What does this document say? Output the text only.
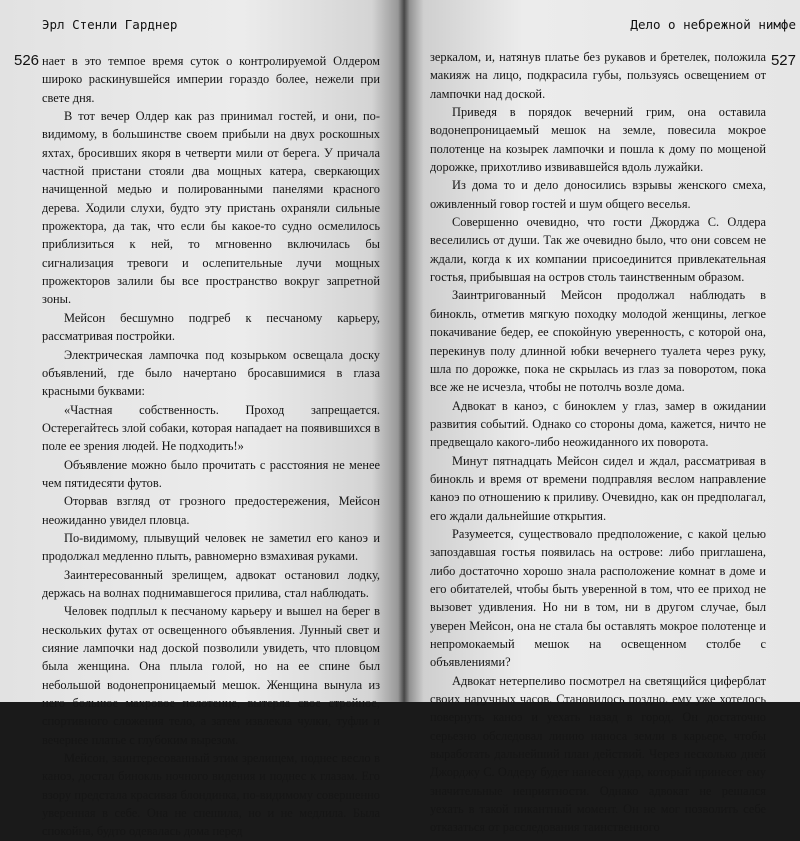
Эрл Стенли Гарднер
526 нает в это темпое время суток о контролируемой Олдером широко раскинувшейся империи гораздо более, нежели при свете дня.

В тот вечер Олдер как раз принимал гостей, и они, по-видимому, в большинстве своем прибыли на двух роскошных яхтах, бросивших якоря в четверти мили от берега. У причала частной пристани стояли два мощных катера, сверкающих начищенной медью и полированными панелями красного дерева. Ходили слухи, будто эту пристань охраняли сильные прожектора, да так, что если бы какое-то судно осмелилось приблизиться к ней, то мгновенно включилась бы сигнализация тревоги и ослепительные лучи мощных прожекторов залили бы все пространство вокруг запретной зоны.

Мейсон бесшумно подгреб к песчаному карьеру, рассматривая постройки.

Электрическая лампочка под козырьком освещала доску объявлений, где было начертано бросавшимися в глаза красными буквами:

«Частная собственность. Проход запрещается. Остерегайтесь злой собаки, которая нападает на появившихся в поле ее зрения людей. Не подходить!»

Объявление можно было прочитать с расстояния не менее чем пятидесяти футов.

Отоpвав взгляд от грозного предостережения, Мейсон неожиданно увидел пловца.

По-видимому, плывущий человек не заметил его каноэ и продолжал медленно плыть, равномерно взмахивая руками.

Заинтересованный зрелищем, адвокат остановил лодку, держась на волнах поднимавшегося прилива, стал наблюдать.

Человек подплыл к песчаному карьеру и вышел на берег в нескольких футах от освещенного объявления. Лунный свет и сияние лампочки над доской позволили увидеть, что пловцом была женщина. Она плыла голой, но на ее спине был небольшой водонепроницаемый мешок. Женщина вынула из него большое махровое полотенце, вытерла свое стройное, спортивного сложения тело, а затем извлекла чулки, туфли и вечернее платье с глубоким вырезом.

Мейсон, заинтересованный этим зрелищем, поднес весло в каноэ, достал бинокль ночного видения и поднес к глазам. Его взору предстала красивая блондинка, по-видимому совершенно уверенная в себе. Она не спешила, но и не медлила. Была спокойна, будто одевалась дома перед

Дело о небрежной нимфе
527

зеркалом, и, натянув платье без рукавов и бретелек, положила макияж на лицо, подкрасила губы, пользуясь освещением от лампочки над доской.

Приведя в порядок вечерний грим, она оставила водонепроницаемый мешок на земле, повесила мокрое полотенце на козырек лампочки и пошла к дому по мощеной дорожке, прихотливо извивавшейся вдоль лужайки.

Из дома то и дело доносились взрывы женского смеха, оживленный говор гостей и шум общего веселья.

Совершенно очевидно, что гости Джорджа С. Олдера веселились от души. Так же очевидно было, что они совсем не ждали, когда к их компании присоединится привлекательная гостья, прибывшая на остров столь таинственным образом.

Заинтригованный Мейсон продолжал наблюдать в бинокль, отметив мягкую походку молодой женщины, легкое покачивание бедер, ее спокойную уверенность, с которой она, перекинув полу длинной юбки вечернего туалета через руку, шла по дорожке, пока не скрылась из глаз за поворотом, пока все же не исчезла, чтобы не потолчь возле дома.

Адвокат в каноэ, с биноклем у глаз, замер в ожидании развития событий. Однако со стороны дома, кажется, ничто не предвещало какого-либо неожиданного их поворота.

Минут пятнадцать Мейсон сидел и ждал, рассматривая в бинокль и время от времени подправляя веслом направление каноэ по отношению к приливу. Очевидно, как он предполагал, его ждали дальнейшие открытия.

Разумеется, существовало предположение, с какой целью запоздавшая гостья появилась на острове: либо приглашена, либо достаточно хорошо знала расположение комнат в доме и его обитателей, чтобы быть уверенной в том, что ее приход не вызовет удивления. Но ни в том, ни в другом случае, был уверен Мейсон, она не стала бы оставлять мокрое полотенце и непромокаемый мешок на освещенном столбе с объявлениями?

Адвокат нетерпеливо посмотрел на светящийся циферблат своих наручных часов. Становилось поздно, ему уже хотелось повернуть каноэ и уехать назад в город. Он достаточно серьезно обследовал линию наноса земли в карьере, чтобы выработать дальнейший план действий. Через несколько дней Джорджу С. Олдеру будет нанесен удар, который принесет ему значительные неприятности. Однако адвокат не решался уехать в такой пикантный момент. Он не мог позволить себе отказаться от расследования таинственного
